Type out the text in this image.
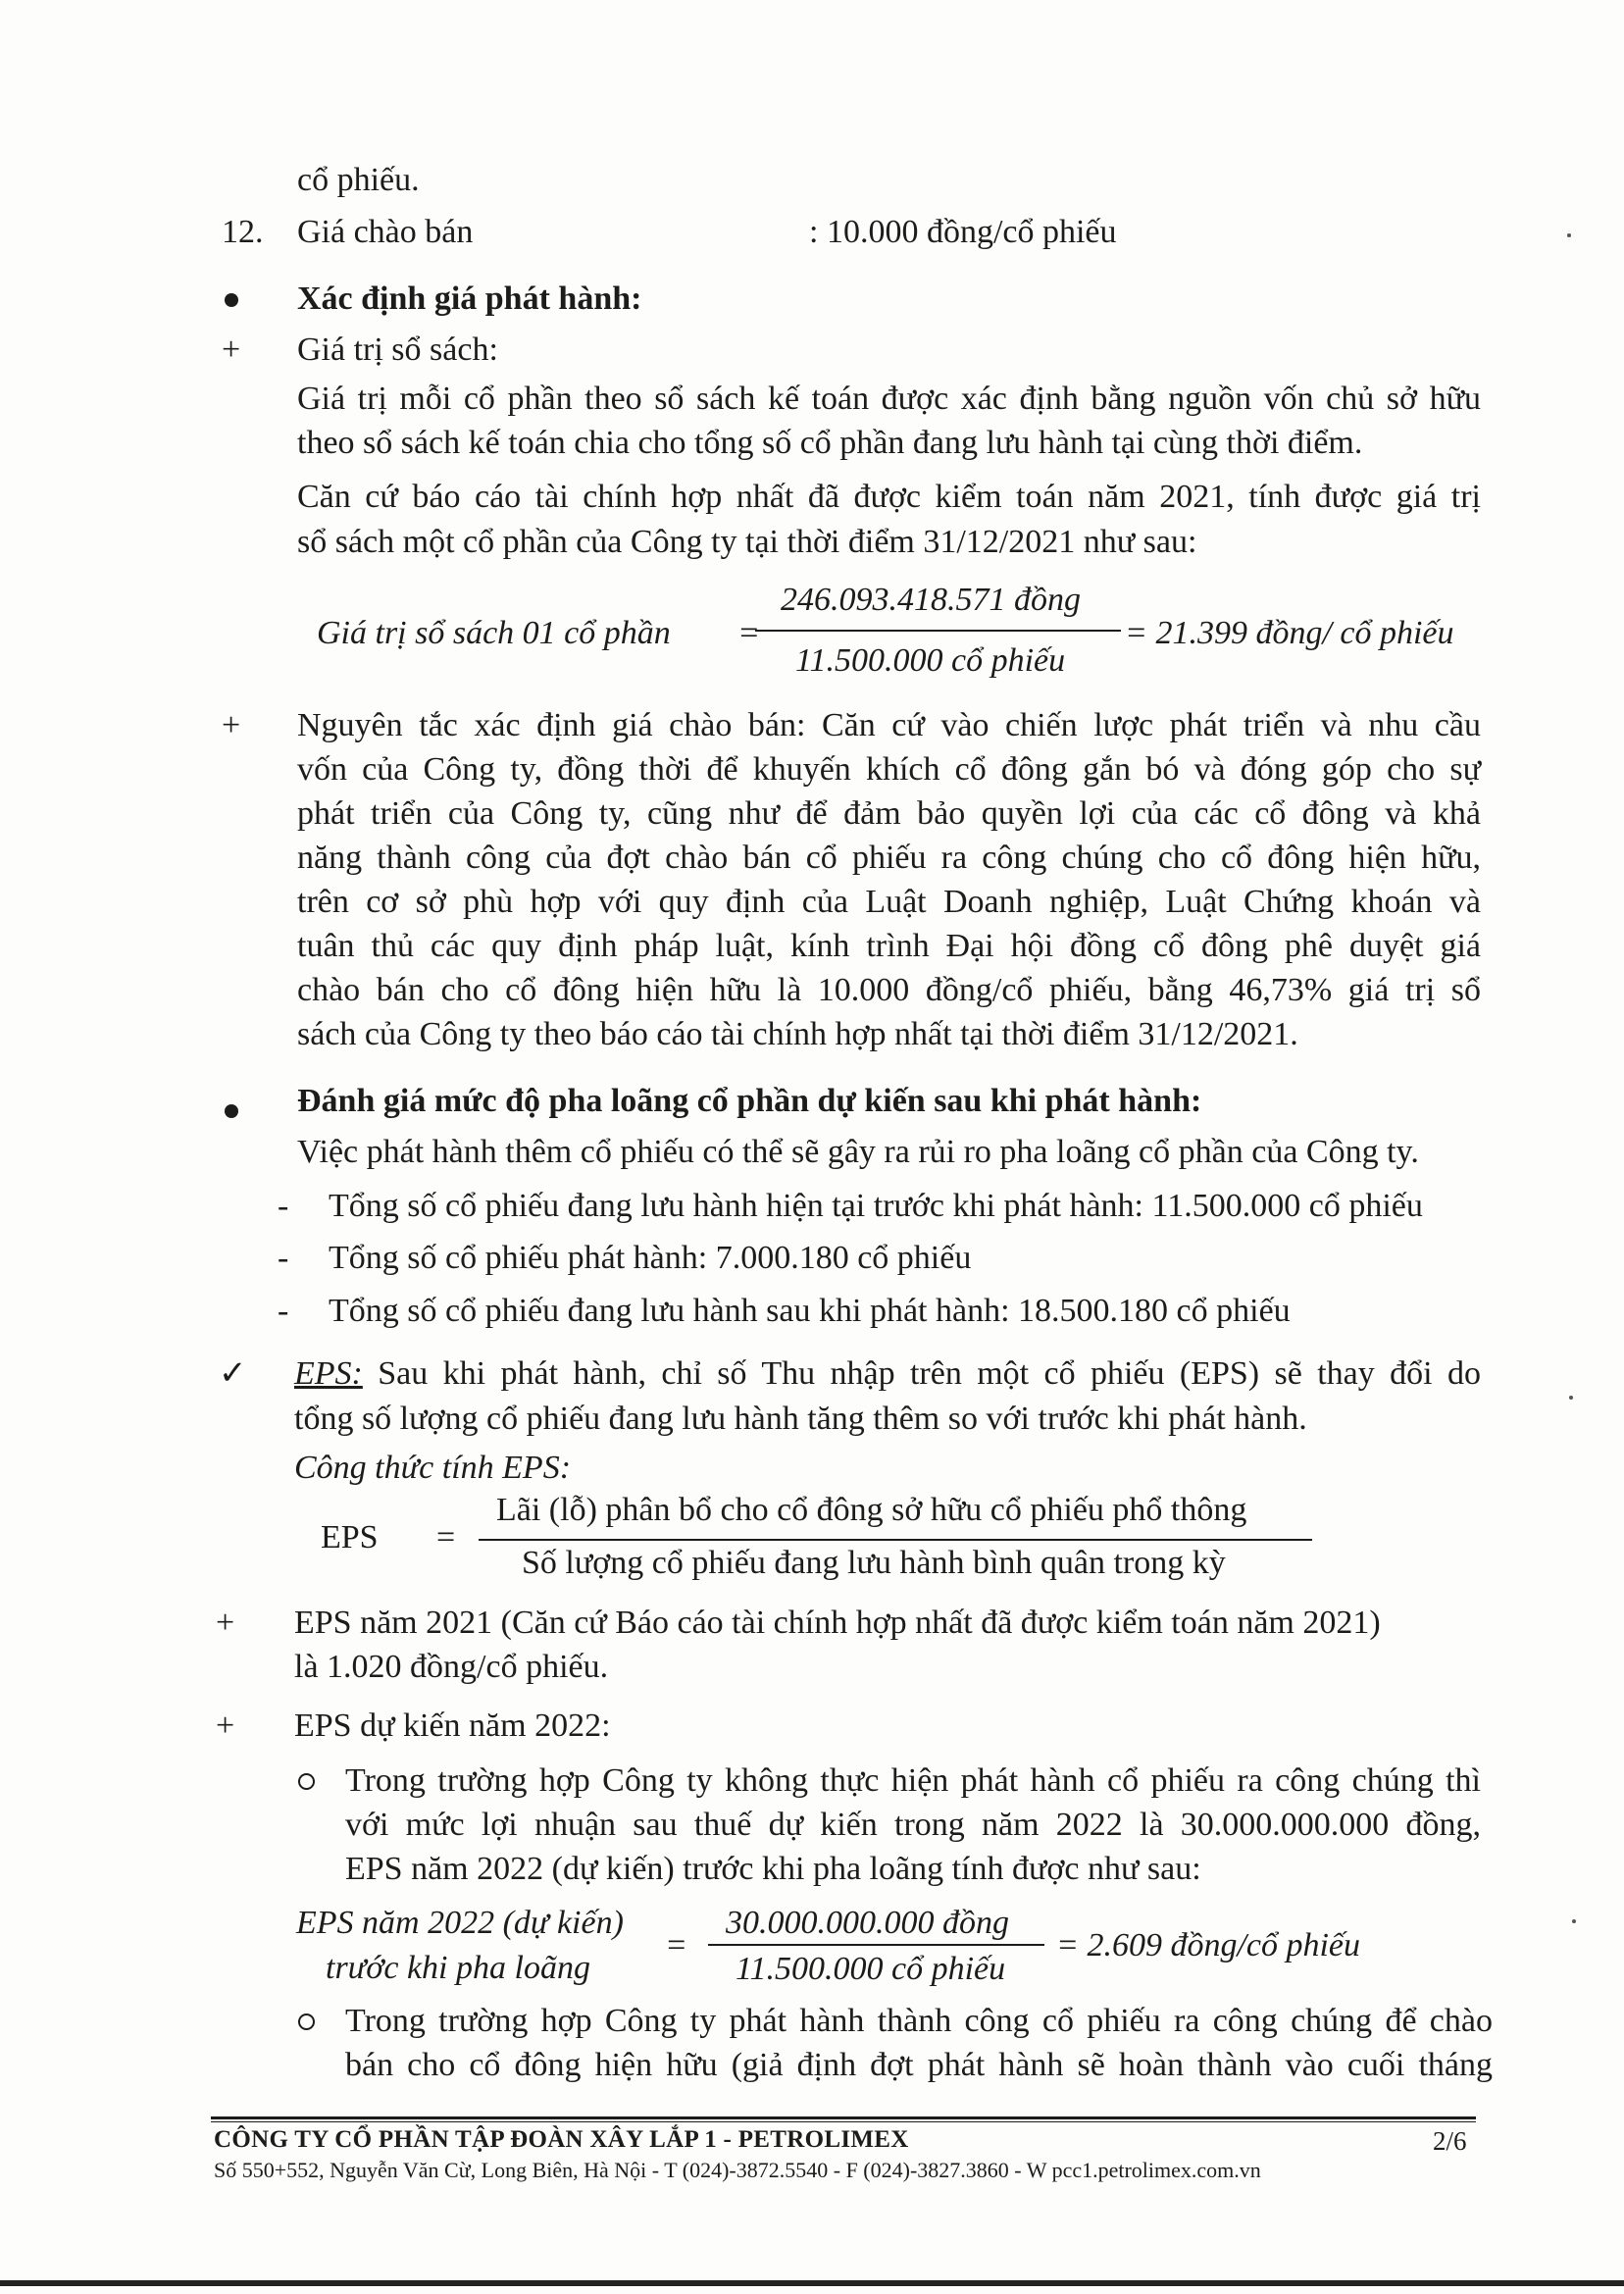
cổ phiếu.
12. Giá chào bán	: 10.000 đồng/cổ phiếu
Xác định giá phát hành:
+ Giá trị sổ sách:
Giá trị mỗi cổ phần theo sổ sách kế toán được xác định bằng nguồn vốn chủ sở hữu
theo sổ sách kế toán chia cho tổng số cổ phần đang lưu hành tại cùng thời điểm.
Căn cứ báo cáo tài chính hợp nhất đã được kiểm toán năm 2021, tính được giá trị
sổ sách một cổ phần của Công ty tại thời điểm 31/12/2021 như sau:
Giá trị sổ sách 01 cổ phần =
246.093.418.571 đồng
11.500.000 cổ phiếu
= 21.399 đồng/ cổ phiếu
+ Nguyên tắc xác định giá chào bán: Căn cứ vào chiến lược phát triển và nhu cầu
vốn của Công ty, đồng thời để khuyến khích cổ đông gắn bó và đóng góp cho sự
phát triển của Công ty, cũng như để đảm bảo quyền lợi của các cổ đông và khả
năng thành công của đợt chào bán cổ phiếu ra công chúng cho cổ đông hiện hữu,
trên cơ sở phù hợp với quy định của Luật Doanh nghiệp, Luật Chứng khoán và
tuân thủ các quy định pháp luật, kính trình Đại hội đồng cổ đông phê duyệt giá
chào bán cho cổ đông hiện hữu là 10.000 đồng/cổ phiếu, bằng 46,73% giá trị sổ
sách của Công ty theo báo cáo tài chính hợp nhất tại thời điểm 31/12/2021.
Đánh giá mức độ pha loãng cổ phần dự kiến sau khi phát hành:
Việc phát hành thêm cổ phiếu có thể sẽ gây ra rủi ro pha loãng cổ phần của Công ty.
- Tổng số cổ phiếu đang lưu hành hiện tại trước khi phát hành: 11.500.000 cổ phiếu
- Tổng số cổ phiếu phát hành: 7.000.180 cổ phiếu
- Tổng số cổ phiếu đang lưu hành sau khi phát hành: 18.500.180 cổ phiếu
✓ EPS: Sau khi phát hành, chỉ số Thu nhập trên một cổ phiếu (EPS) sẽ thay đổi do
tổng số lượng cổ phiếu đang lưu hành tăng thêm so với trước khi phát hành.
Công thức tính EPS:
EPS =
Lãi (lỗ) phân bổ cho cổ đông sở hữu cổ phiếu phổ thông
Số lượng cổ phiếu đang lưu hành bình quân trong kỳ
+ EPS năm 2021 (Căn cứ Báo cáo tài chính hợp nhất đã được kiểm toán năm 2021)
là 1.020 đồng/cổ phiếu.
+ EPS dự kiến năm 2022:
Trong trường hợp Công ty không thực hiện phát hành cổ phiếu ra công chúng thì
với mức lợi nhuận sau thuế dự kiến trong năm 2022 là 30.000.000.000 đồng,
EPS năm 2022 (dự kiến) trước khi pha loãng tính được như sau:
EPS năm 2022 (dự kiến)
trước khi pha loãng
=
30.000.000.000 đồng
11.500.000 cổ phiếu
= 2.609 đồng/cổ phiếu
Trong trường hợp Công ty phát hành thành công cổ phiếu ra công chúng để chào
bán cho cổ đông hiện hữu (giả định đợt phát hành sẽ hoàn thành vào cuối tháng
CÔNG TY CỔ PHẦN TẬP ĐOÀN XÂY LẮP 1 - PETROLIMEX	2/6
Số 550+552, Nguyễn Văn Cừ, Long Biên, Hà Nội - T (024)-3872.5540 - F (024)-3827.3860 - W pcc1.petrolimex.com.vn
